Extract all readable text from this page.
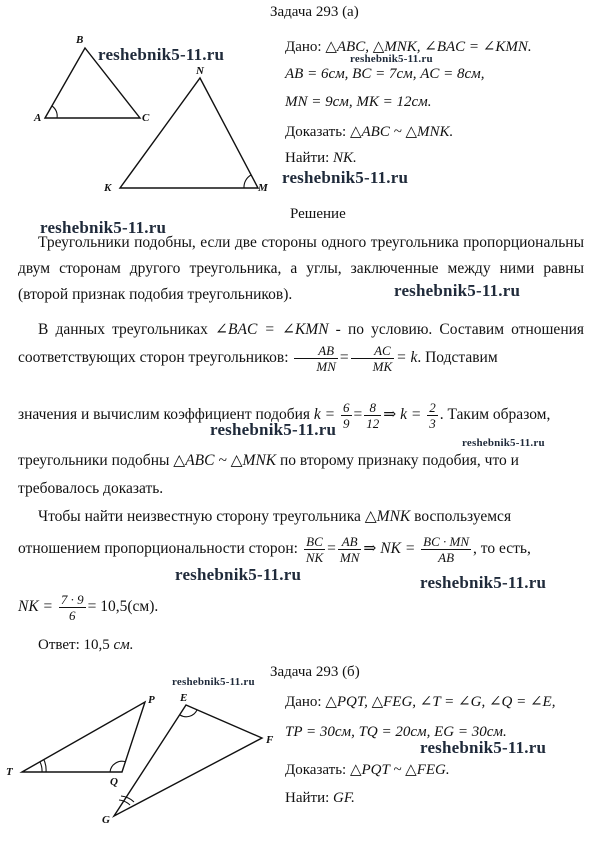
A
B
C
N
K	M
P
T
Q
E
F
G
Задача 293 (а)
Дано: △ABC, △MNK, ∠BAC = ∠KMN.
AB = 6см, BC = 7см, AC = 8см,
MN = 9см, MK = 12см.
Доказать: △ABC ~ △MNK.
Найти: NK.
Решение
Треугольники подобны, если две стороны одного треугольника пропорциональны двум сторонам другого треугольника, а углы, заключенные между ними равны (второй признак подобия треугольников).
В данных треугольниках ∠BAC = ∠KMN - по условию. Составим отношения соответствующих сторон треугольников: $\frac{AB}{MN} = \frac{AC}{MK} = k$. Подставим
значения и вычислим коэффициент подобия $k = \frac{6}{9} = \frac{8}{12}$ ⇒ $k = \frac{2}{3}$ . Таким образом,
треугольники подобны △ABC ~ △MNK по второму признаку подобия, что и
требовалось доказать.
Чтобы найти неизвестную сторону треугольника △MNK воспользуемся
отношением пропорциональности сторон: $\frac{BC}{NK} = \frac{AB}{MN}$ ⇒ NK = $\frac{BC \cdot MN}{AB}$ , то есть,
NK = $\frac{7 \cdot 9}{6} = 10,5(см)$.
Ответ: 10,5 см.
Задача 293 (б)
Дано: △PQT, △FEG, ∠T = ∠G, ∠Q = ∠E,
TP = 30см, TQ = 20см, EG = 30см.
Доказать: △PQT ~ △FEG.
Найти: GF.
reshebnik5-11.ru	reshebnik5-11.ru
reshebnik5-11.ru
reshebnik5-11.ru
reshebnik5-11.ru
reshebnik5-11.ru
reshebnik5-11.ru
reshebnik5-11.ru	reshebnik5-11.ru
reshebnik5-11.ru
reshebnik5-11.ru
